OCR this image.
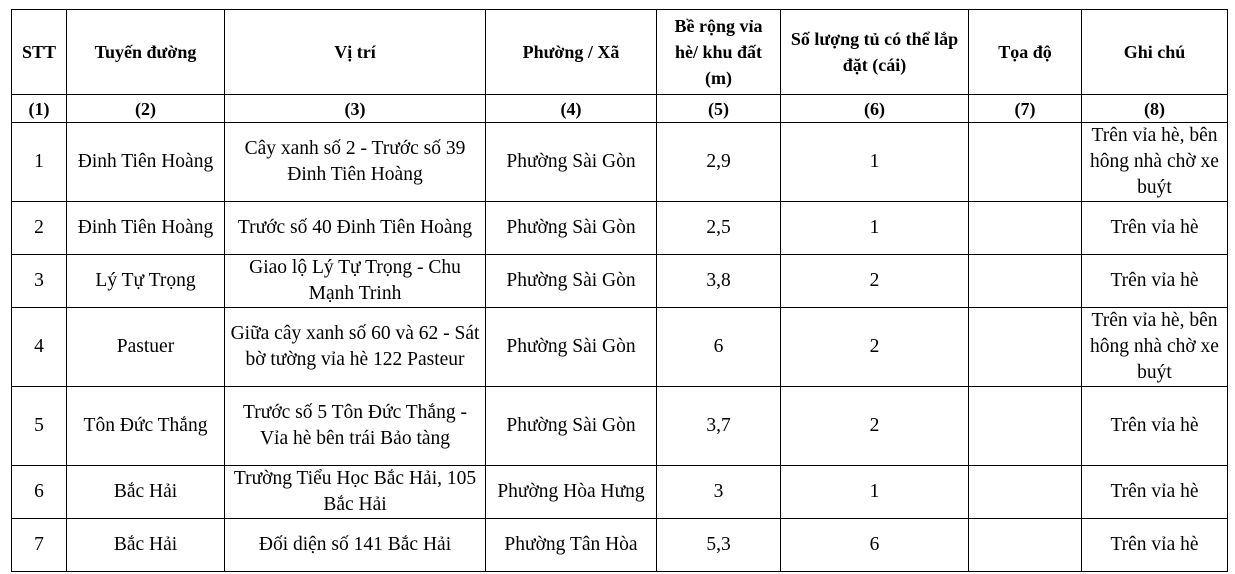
STT	Tuyến đường	Vị trí	Phường / Xã	Bề rộng vỉa hè/ khu đất (m)	Số lượng tủ có thể lắp đặt (cái)	Tọa độ	Ghi chú
(1)	(2)	(3)	(4)	(5)	(6)	(7)	(8)
1	Đinh Tiên Hoàng	Cây xanh số 2 - Trước số 39 Đinh Tiên Hoàng	Phường Sài Gòn	2,9	1		Trên vỉa hè, bên hông nhà chờ xe buýt
2	Đinh Tiên Hoàng	Trước số 40 Đinh Tiên Hoàng	Phường Sài Gòn	2,5	1		Trên vỉa hè
3	Lý Tự Trọng	Giao lộ Lý Tự Trọng - Chu Mạnh Trinh	Phường Sài Gòn	3,8	2		Trên vỉa hè
4	Pastuer	Giữa cây xanh số 60 và 62 - Sát bờ tường vỉa hè 122 Pasteur	Phường Sài Gòn	6	2		Trên vỉa hè, bên hông nhà chờ xe buýt
5	Tôn Đức Thắng	Trước số 5 Tôn Đức Thắng - Vỉa hè bên trái Bảo tàng	Phường Sài Gòn	3,7	2		Trên vỉa hè
6	Bắc Hải	Trường Tiểu Học Bắc Hải, 105 Bắc Hải	Phường Hòa Hưng	3	1		Trên vỉa hè
7	Bắc Hải	Đối diện số 141 Bắc Hải	Phường Tân Hòa	5,3	6		Trên vỉa hè
